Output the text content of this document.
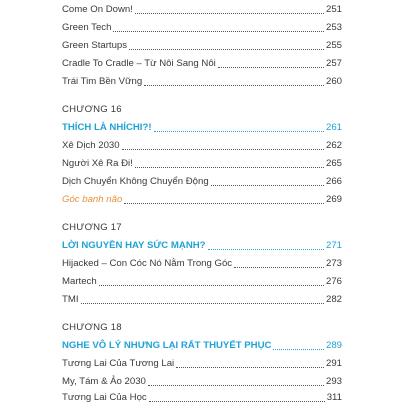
Come On Down!	251
Green Tech	253
Green Startups	255
Cradle To Cradle – Từ Nôi Sang Nôi	257
Trái Tim Bền Vững	260
CHƯƠNG 16
THÍCH LÀ NHÍCHI?!	261
Xê Dịch 2030	262
Người Xê Ra Đi!	265
Dịch Chuyển Không Chuyển Động	266
Góc banh não	269
CHƯƠNG 17
LỜI NGUYỀN HAY SỨC MẠNH?	271
Hijacked – Con Cóc Nó Nằm Trong Góc	273
Martech	276
TMI	282
CHƯƠNG 18
NGHE VÔ LÝ NHƯNG LẠI RẤT THUYẾT PHỤC	289
Tương Lai Của Tương Lai	291
My, Tám & Ảo 2030	293
Tương Lai Của Học	311
